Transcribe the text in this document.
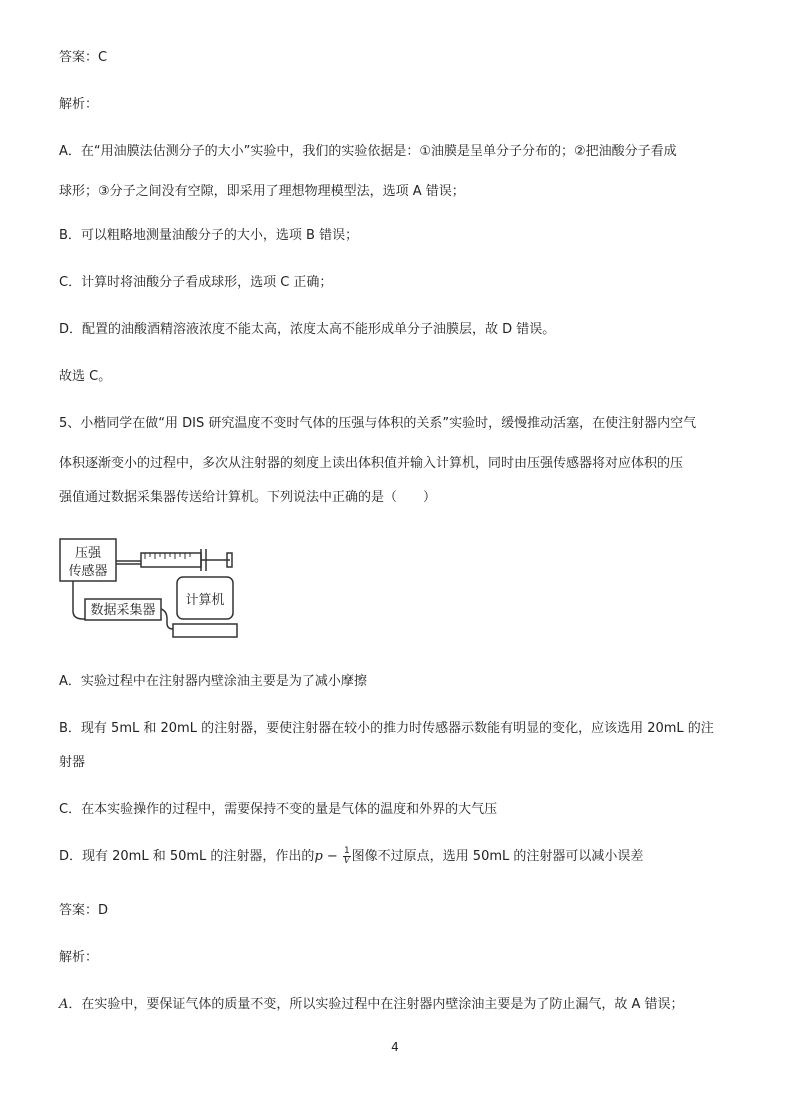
答案：C
解析：
A．在“用油膜法估测分子的大小”实验中，我们的实验依据是：①油膜是呈单分子分布的；②把油酸分子看成
球形；③分子之间没有空隙，即采用了理想物理模型法，选项 A 错误；
B．可以粗略地测量油酸分子的大小，选项 B 错误；
C．计算时将油酸分子看成球形，选项 C 正确；
D．配置的油酸酒精溶液浓度不能太高，浓度太高不能形成单分子油膜层，故 D 错误。
故选 C。
5、小楷同学在做“用 DIS 研究温度不变时气体的压强与体积的关系”实验时，缓慢推动活塞，在使注射器内空气
体积逐渐变小的过程中，多次从注射器的刻度上读出体积值并输入计算机，同时由压强传感器将对应体积的压
强值通过数据采集器传送给计算机。下列说法中正确的是（　　）
压强
传感器
数据采集器
计算机
A．实验过程中在注射器内壁涂油主要是为了减小摩擦
B．现有 5mL 和 20mL 的注射器，要使注射器在较小的推力时传感器示数能有明显的变化，应该选用 20mL 的注
射器
C．在本实验操作的过程中，需要保持不变的量是气体的温度和外界的大气压
D．现有 20mL 和 50mL 的注射器，作出的$p - \frac{1}{V}$ 图像不过原点，选用 50mL 的注射器可以减小误差
答案：D
解析：
A．在实验中，要保证气体的质量不变，所以实验过程中在注射器内壁涂油主要是为了防止漏气，故 A 错误；
4
